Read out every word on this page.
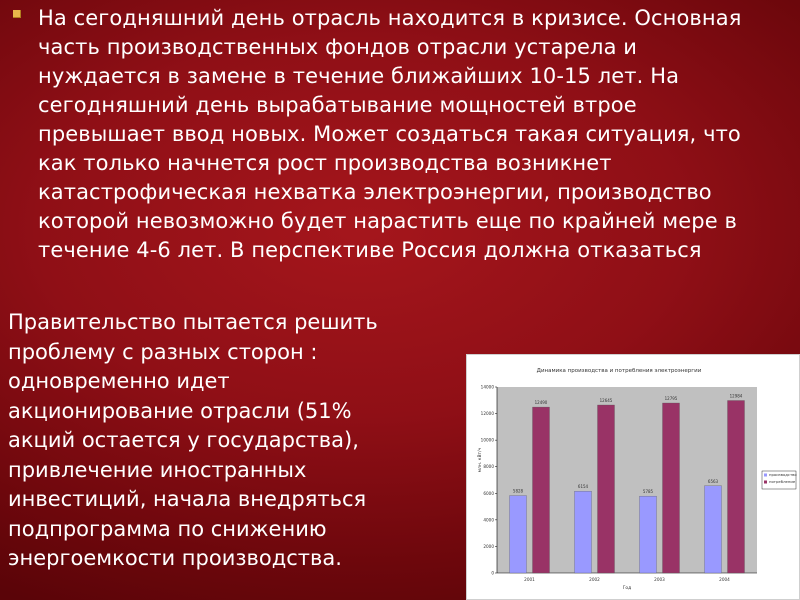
На сегодняшний день отрасль находится в кризисе. Основная
часть производственных фондов отрасли устарела и
нуждается в замене в течение ближайших 10-15 лет. На
сегодняшний день вырабатывание мощностей втрое
превышает ввод новых. Может создаться такая ситуация, что
как только начнется рост производства возникнет
катастрофическая нехватка электроэнергии, производство
которой невозможно будет нарастить еще по крайней мере в
течение 4-6 лет. В перспективе Россия должна отказаться

Правительство пытается решить
проблему с разных сторон :
одновременно идет
акционирование отрасли (51%
акций остается у государства),
привлечение иностранных
инвестиций, начала внедряться
подпрограмма по снижению
энергоемкости производства.

Динамика производства и потребления электроэнергии
млн. кВт/ч
Год
0
2000
4000
6000
8000
10000
12000
14000
5828
12490
2001
6154
12645
2002
5785
12795
2003
6563
12984
2004
производство
потребление
